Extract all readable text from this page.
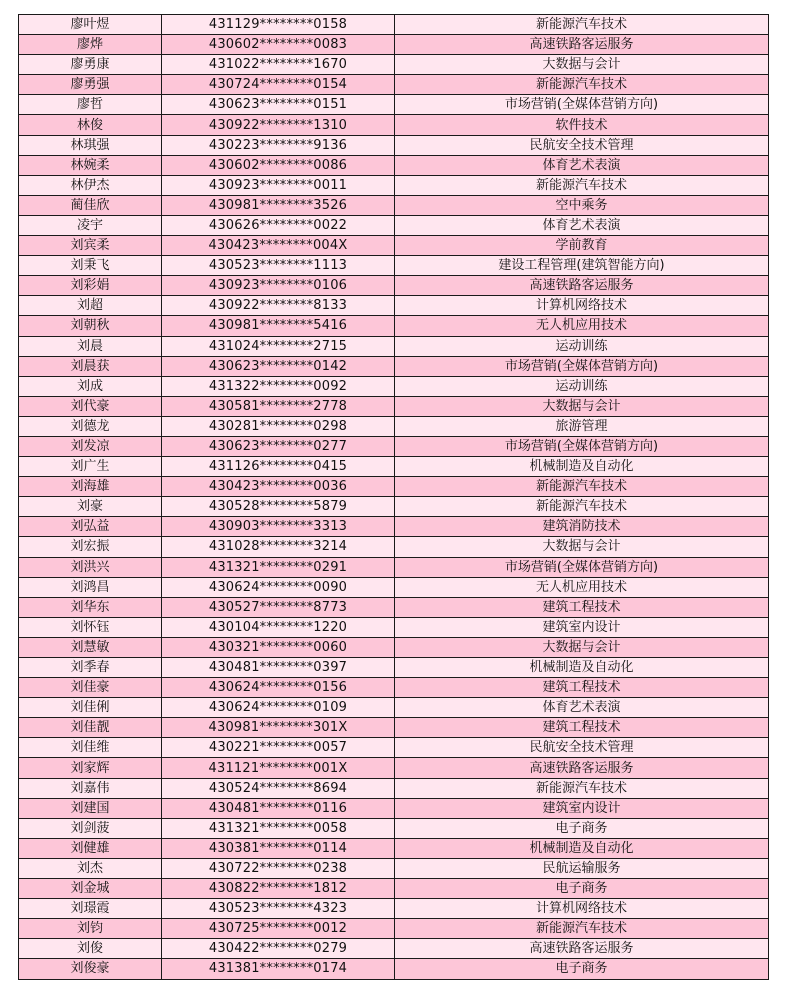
廖叶煜	431129********0158	新能源汽车技术
廖烨	430602********0083	高速铁路客运服务
廖勇康	431022********1670	大数据与会计
廖勇强	430724********0154	新能源汽车技术
廖哲	430623********0151	市场营销(全媒体营销方向)
林俊	430922********1310	软件技术
林琪强	430223********9136	民航安全技术管理
林婉柔	430602********0086	体育艺术表演
林伊杰	430923********0011	新能源汽车技术
蔺佳欣	430981********3526	空中乘务
凌宇	430626********0022	体育艺术表演
刘宾柔	430423********004X	学前教育
刘秉飞	430523********1113	建设工程管理(建筑智能方向)
刘彩娟	430923********0106	高速铁路客运服务
刘超	430922********8133	计算机网络技术
刘朝秋	430981********5416	无人机应用技术
刘晨	431024********2715	运动训练
刘晨获	430623********0142	市场营销(全媒体营销方向)
刘成	431322********0092	运动训练
刘代豪	430581********2778	大数据与会计
刘德龙	430281********0298	旅游管理
刘发凉	430623********0277	市场营销(全媒体营销方向)
刘广生	431126********0415	机械制造及自动化
刘海雄	430423********0036	新能源汽车技术
刘豪	430528********5879	新能源汽车技术
刘弘益	430903********3313	建筑消防技术
刘宏振	431028********3214	大数据与会计
刘洪兴	431321********0291	市场营销(全媒体营销方向)
刘鸿昌	430624********0090	无人机应用技术
刘华东	430527********8773	建筑工程技术
刘怀钰	430104********1220	建筑室内设计
刘慧敏	430321********0060	大数据与会计
刘季春	430481********0397	机械制造及自动化
刘佳豪	430624********0156	建筑工程技术
刘佳俐	430624********0109	体育艺术表演
刘佳靓	430981********301X	建筑工程技术
刘佳维	430221********0057	民航安全技术管理
刘家辉	431121********001X	高速铁路客运服务
刘嘉伟	430524********8694	新能源汽车技术
刘建国	430481********0116	建筑室内设计
刘剑菠	431321********0058	电子商务
刘健雄	430381********0114	机械制造及自动化
刘杰	430722********0238	民航运输服务
刘金城	430822********1812	电子商务
刘璟霞	430523********4323	计算机网络技术
刘钧	430725********0012	新能源汽车技术
刘俊	430422********0279	高速铁路客运服务
刘俊豪	431381********0174	电子商务
